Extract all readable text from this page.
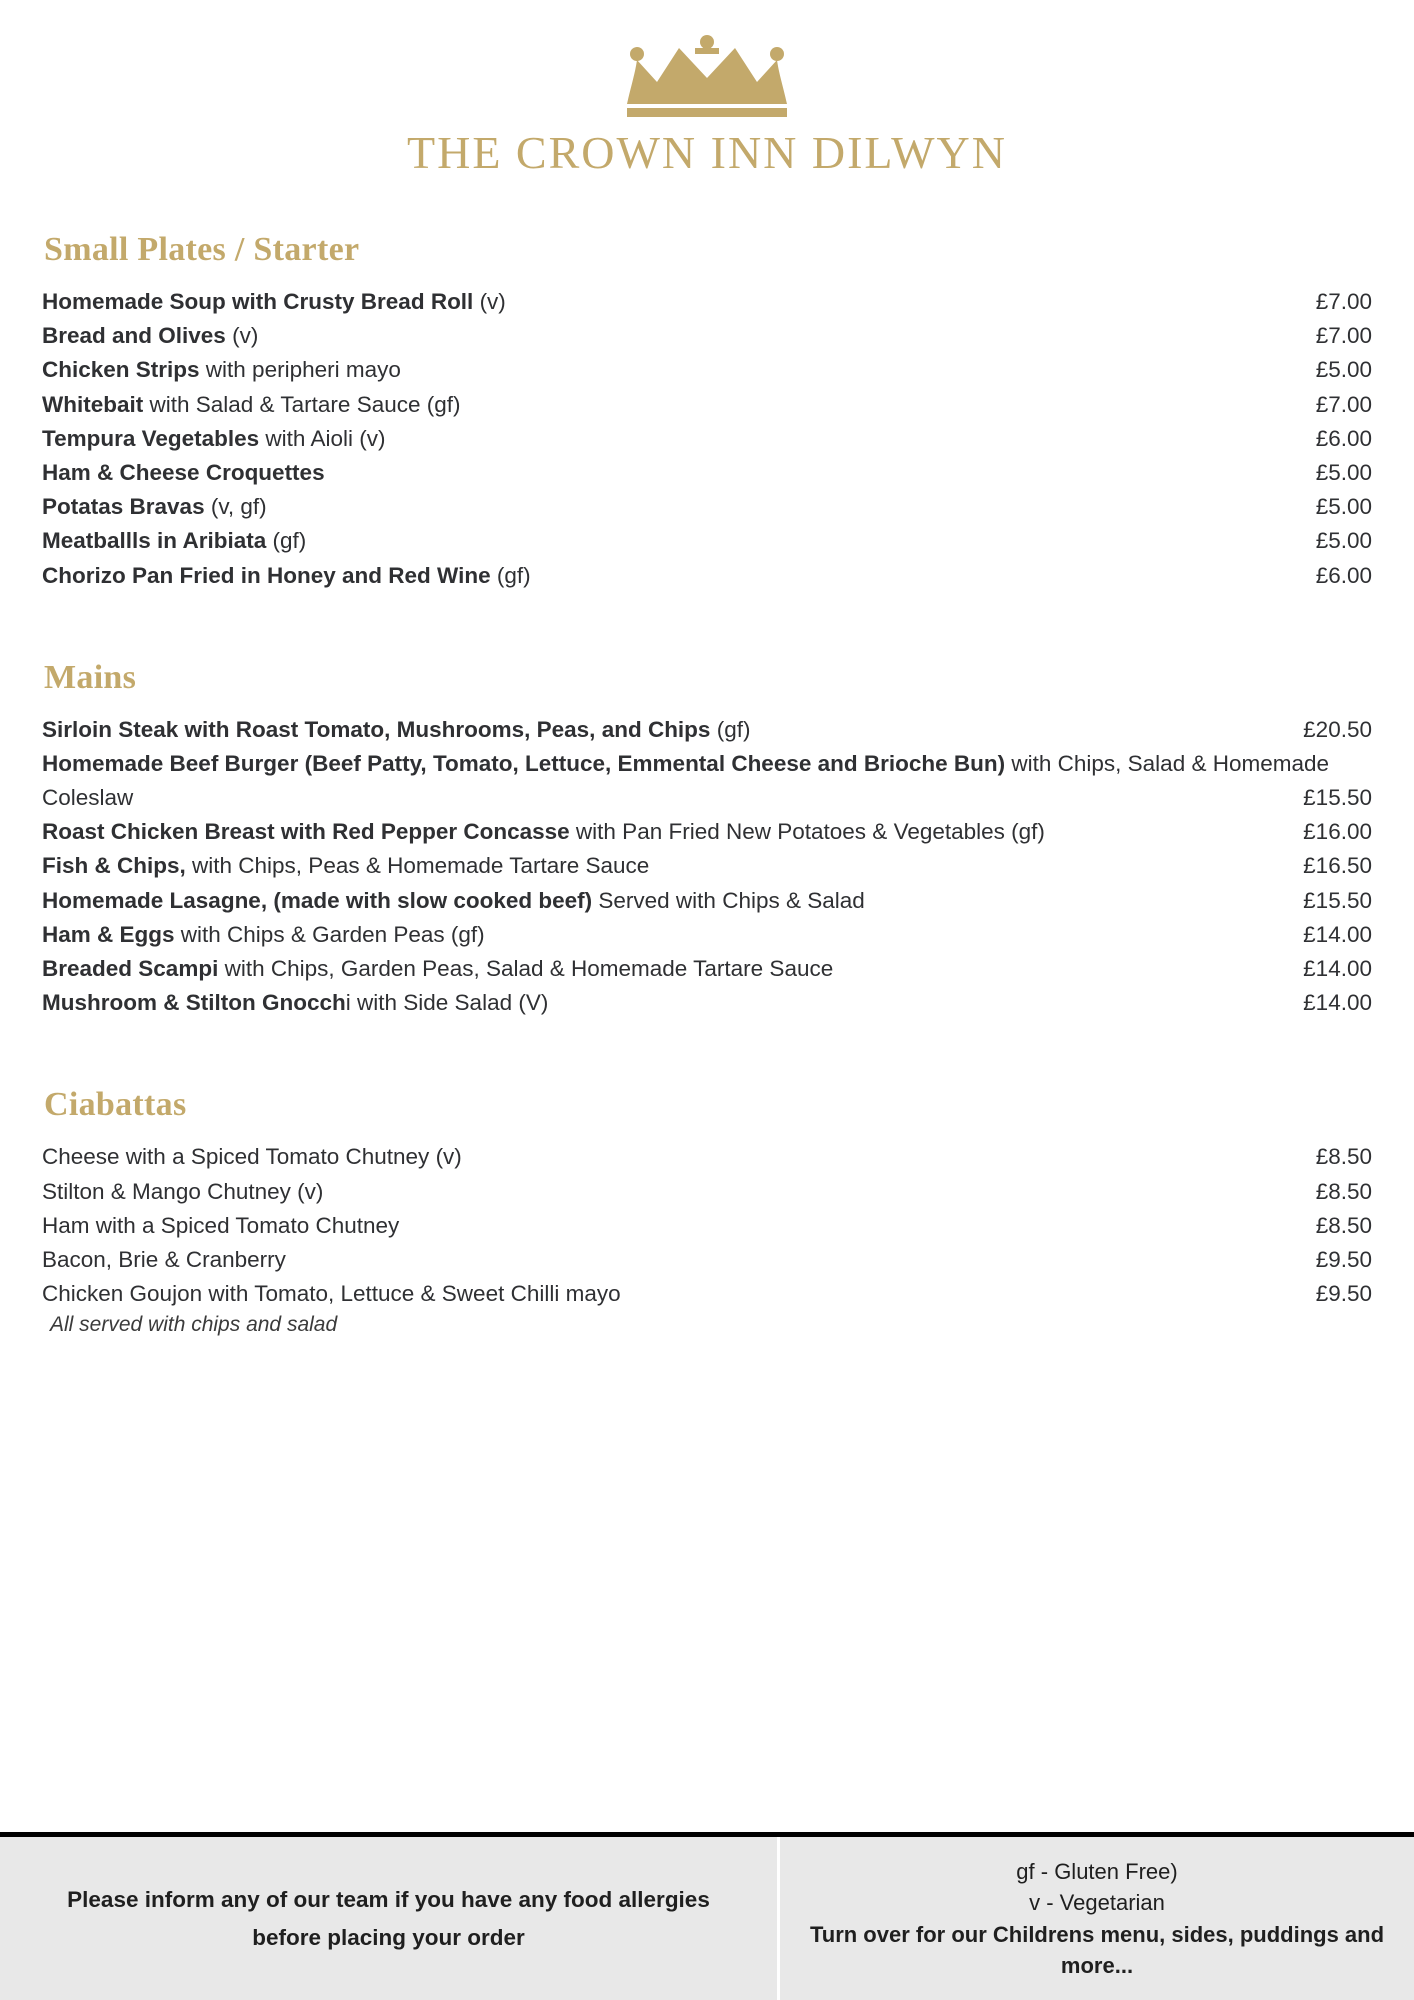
THE CROWN INN DILWYN
Small Plates / Starter
Homemade Soup with Crusty Bread Roll (v)	£7.00
Bread and Olives (v)	£7.00
Chicken Strips with peripheri mayo	£5.00
Whitebait with Salad & Tartare Sauce (gf)	£7.00
Tempura Vegetables with Aioli (v)	£6.00
Ham & Cheese Croquettes	£5.00
Potatas Bravas (v, gf)	£5.00
Meatballls in Aribiata (gf)	£5.00
Chorizo Pan Fried in Honey and Red Wine (gf)	£6.00
Mains
Sirloin Steak with Roast Tomato, Mushrooms, Peas, and Chips (gf)	£20.50
Homemade Beef Burger (Beef Patty, Tomato, Lettuce, Emmental Cheese and Brioche Bun) with Chips, Salad & Homemade Coleslaw	£15.50
Roast Chicken Breast with Red Pepper Concasse with Pan Fried New Potatoes & Vegetables (gf)	£16.00
Fish & Chips, with Chips, Peas & Homemade Tartare Sauce	£16.50
Homemade Lasagne, (made with slow cooked beef) Served with Chips & Salad	£15.50
Ham & Eggs with Chips & Garden Peas (gf)	£14.00
Breaded Scampi with Chips, Garden Peas, Salad & Homemade Tartare Sauce	£14.00
Mushroom & Stilton Gnocchi with Side Salad (V)	£14.00
Ciabattas
Cheese with a Spiced Tomato Chutney (v)	£8.50
Stilton & Mango Chutney (v)	£8.50
Ham with a Spiced Tomato Chutney	£8.50
Bacon, Brie & Cranberry	£9.50
Chicken Goujon with Tomato, Lettuce & Sweet Chilli mayo	£9.50
All served with chips and salad
Please inform any of our team if you have any food allergies before placing your order
gf - Gluten Free)
v - Vegetarian
Turn over for our Childrens menu, sides, puddings and more...
